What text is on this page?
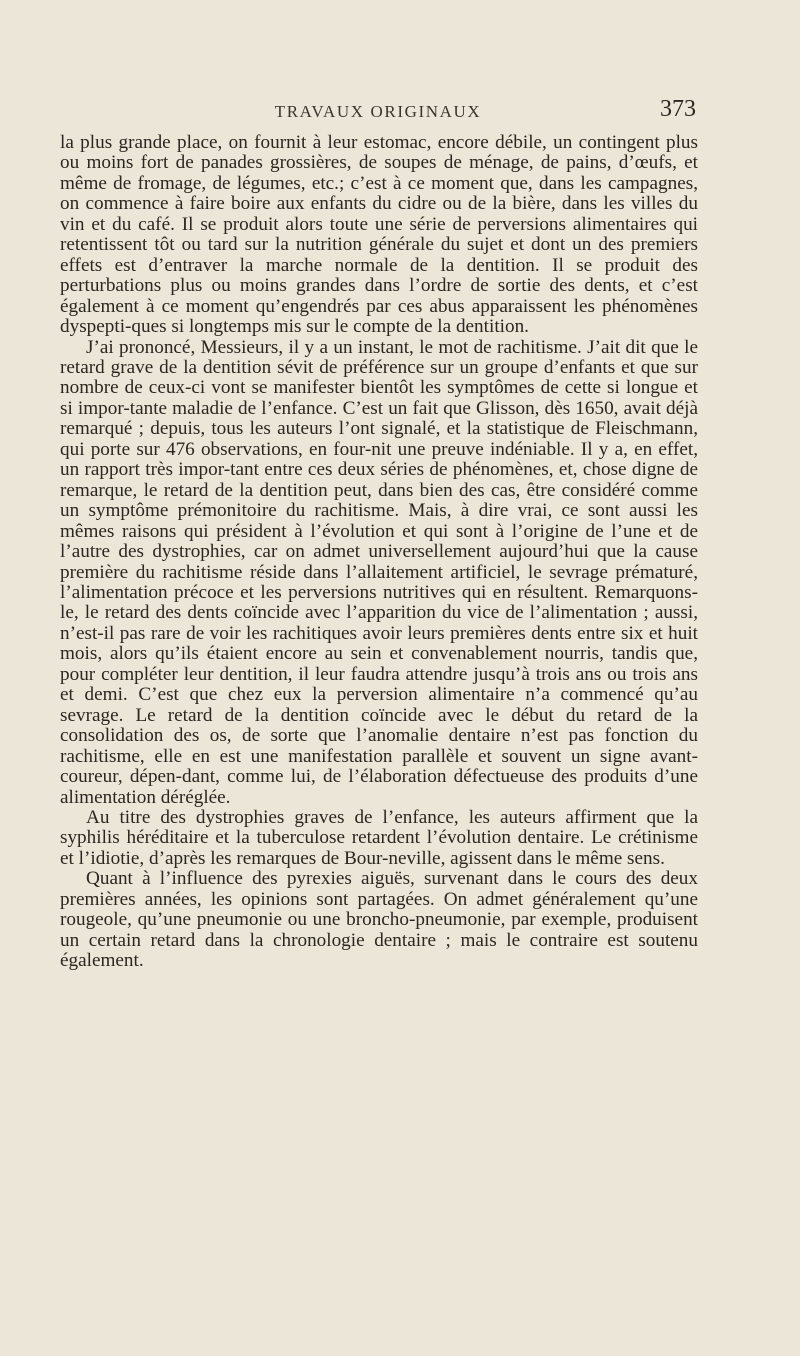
TRAVAUX ORIGINAUX	373

la plus grande place, on fournit à leur estomac, encore débile, un contingent plus ou moins fort de panades grossières, de soupes de ménage, de pains, d’œufs, et même de fromage, de légumes, etc.; c’est à ce moment que, dans les campagnes, on commence à faire boire aux enfants du cidre ou de la bière, dans les villes du vin et du café. Il se produit alors toute une série de perversions alimentaires qui retentissent tôt ou tard sur la nutrition générale du sujet et dont un des premiers effets est d’entraver la marche normale de la dentition. Il se produit des perturbations plus ou moins grandes dans l’ordre de sortie des dents, et c’est également à ce moment qu’engendrés par ces abus apparaissent les phénomènes dyspepti-ques si longtemps mis sur le compte de la dentition.

J’ai prononcé, Messieurs, il y a un instant, le mot de rachitisme. J’ait dit que le retard grave de la dentition sévit de préférence sur un groupe d’enfants et que sur nombre de ceux-ci vont se manifester bientôt les symptômes de cette si longue et si impor-tante maladie de l’enfance. C’est un fait que Glisson, dès 1650, avait déjà remarqué ; depuis, tous les auteurs l’ont signalé, et la statistique de Fleischmann, qui porte sur 476 observations, en four-nit une preuve indéniable. Il y a, en effet, un rapport très impor-tant entre ces deux séries de phénomènes, et, chose digne de remarque, le retard de la dentition peut, dans bien des cas, être considéré comme un symptôme prémonitoire du rachitisme. Mais, à dire vrai, ce sont aussi les mêmes raisons qui président à l’évolution et qui sont à l’origine de l’une et de l’autre des dystrophies, car on admet universellement aujourd’hui que la cause première du rachitisme réside dans l’allaitement artificiel, le sevrage prématuré, l’alimentation précoce et les perversions nutritives qui en résultent. Remarquons-le, le retard des dents coïncide avec l’apparition du vice de l’alimentation ; aussi, n’est-il pas rare de voir les rachitiques avoir leurs premières dents entre six et huit mois, alors qu’ils étaient encore au sein et convenablement nourris, tandis que, pour compléter leur dentition, il leur faudra attendre jusqu’à trois ans ou trois ans et demi. C’est que chez eux la perversion alimentaire n’a commencé qu’au sevrage. Le retard de la dentition coïncide avec le début du retard de la consolidation des os, de sorte que l’anomalie dentaire n’est pas fonction du rachitisme, elle en est une manifestation parallèle et souvent un signe avant-coureur, dépen-dant, comme lui, de l’élaboration défectueuse des produits d’une alimentation déréglée.

Au titre des dystrophies graves de l’enfance, les auteurs affirment que la syphilis héréditaire et la tuberculose retardent l’évolution dentaire. Le crétinisme et l’idiotie, d’après les remarques de Bour-neville, agissent dans le même sens.

Quant à l’influence des pyrexies aiguës, survenant dans le cours des deux premières années, les opinions sont partagées. On admet généralement qu’une rougeole, qu’une pneumonie ou une broncho-pneumonie, par exemple, produisent un certain retard dans la chronologie dentaire ; mais le contraire est soutenu également.
